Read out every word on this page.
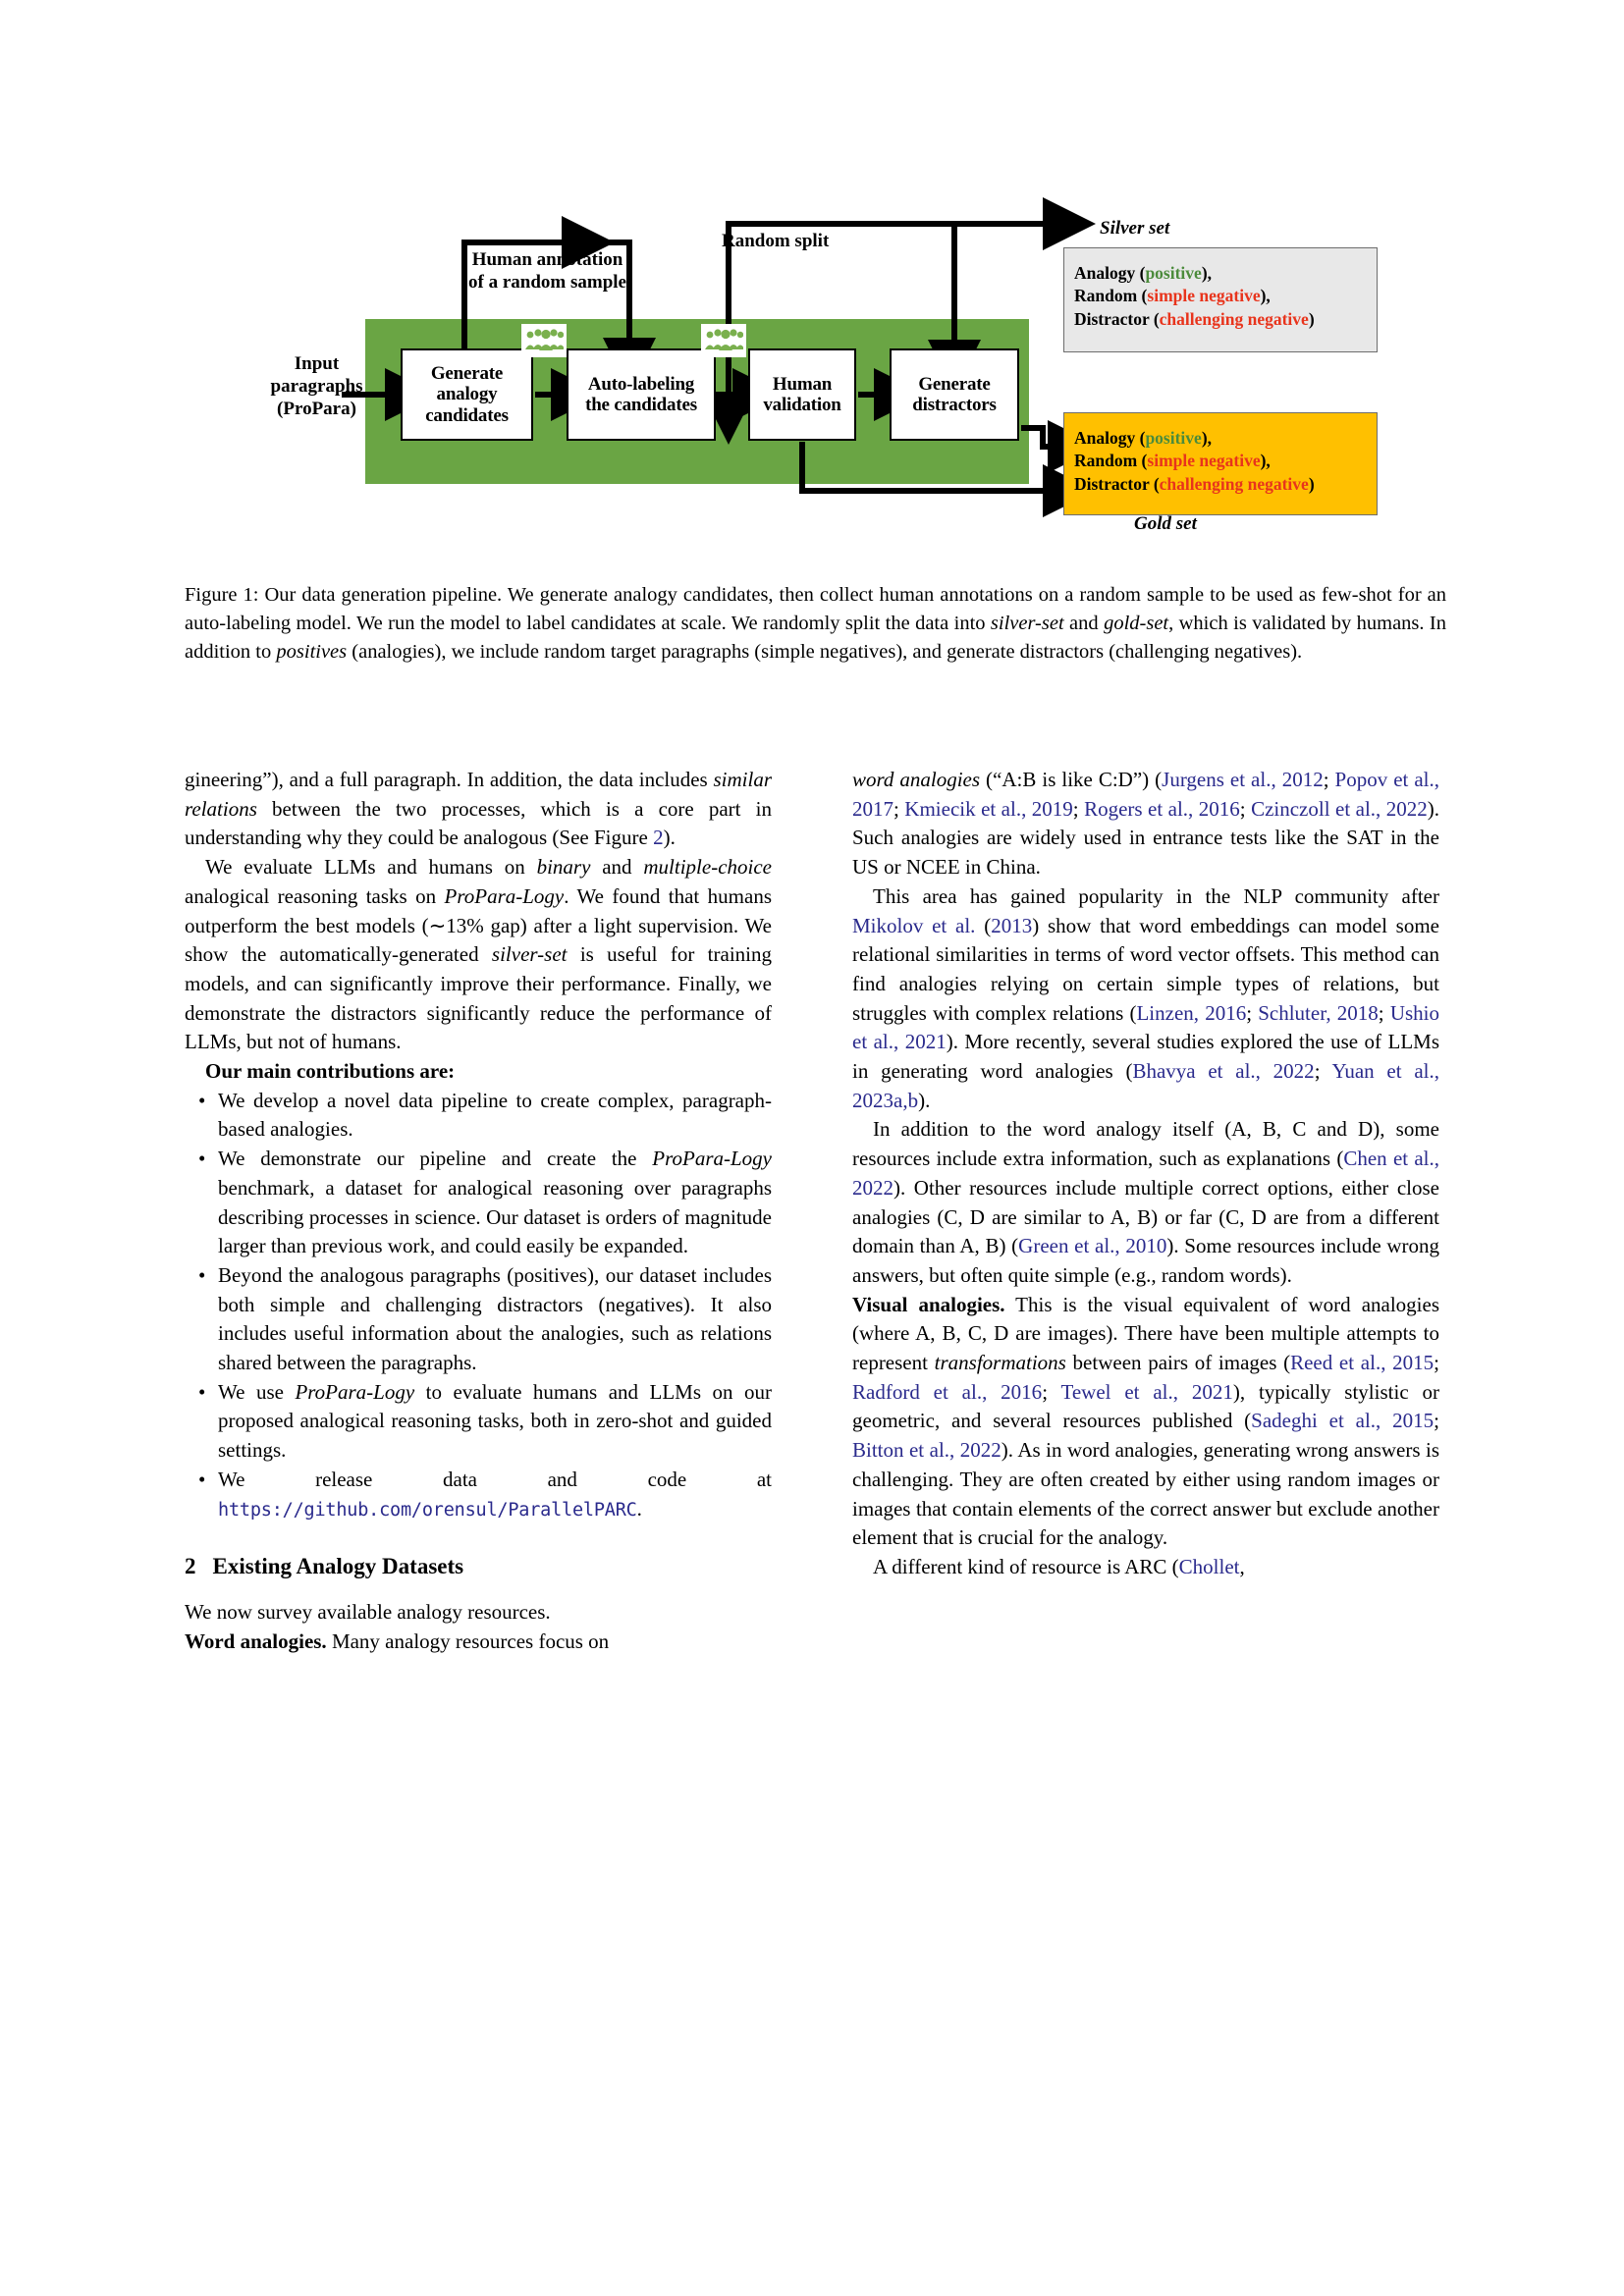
Input
paragraphs
(ProPara)
Generate
analogy
candidates
Auto-labeling
the candidates
Human
validation
Generate
distractors
Human annotation
of a random sample
Random split
Silver set
Analogy (positive),
Random (simple negative),
Distractor (challenging negative)
Analogy (positive),
Random (simple negative),
Distractor (challenging negative)
Gold set
Figure 1: Our data generation pipeline. We generate analogy candidates, then collect human annotations on a random sample to be used as few-shot for an auto-labeling model. We run the model to label candidates at scale. We randomly split the data into silver-set and gold-set, which is validated by humans. In addition to positives (analogies), we include random target paragraphs (simple negatives), and generate distractors (challenging negatives).

gineering”), and a full paragraph. In addition, the data includes similar relations between the two processes, which is a core part in understanding why they could be analogous (See Figure 2).

We evaluate LLMs and humans on binary and multiple-choice analogical reasoning tasks on ProPara-Logy. We found that humans outperform the best models (∼13% gap) after a light supervision. We show the automatically-generated silver-set is useful for training models, and can significantly improve their performance. Finally, we demonstrate the distractors significantly reduce the performance of LLMs, but not of humans.

Our main contributions are:

• We develop a novel data pipeline to create complex, paragraph-based analogies.
• We demonstrate our pipeline and create the ProPara-Logy benchmark, a dataset for analogical reasoning over paragraphs describing processes in science. Our dataset is orders of magnitude larger than previous work, and could easily be expanded.
• Beyond the analogous paragraphs (positives), our dataset includes both simple and challenging distractors (negatives). It also includes useful information about the analogies, such as relations shared between the paragraphs.
• We use ProPara-Logy to evaluate humans and LLMs on our proposed analogical reasoning tasks, both in zero-shot and guided settings.
• We release data and code at https://github.com/orensul/ParallelPARC.
2 Existing Analogy Datasets

We now survey available analogy resources.

Word analogies. Many analogy resources focus on

word analogies (“A:B is like C:D”) (Jurgens et al., 2012; Popov et al., 2017; Kmiecik et al., 2019; Rogers et al., 2016; Czinczoll et al., 2022). Such analogies are widely used in entrance tests like the SAT in the US or NCEE in China.

This area has gained popularity in the NLP community after Mikolov et al. (2013) show that word embeddings can model some relational similarities in terms of word vector offsets. This method can find analogies relying on certain simple types of relations, but struggles with complex relations (Linzen, 2016; Schluter, 2018; Ushio et al., 2021). More recently, several studies explored the use of LLMs in generating word analogies (Bhavya et al., 2022; Yuan et al., 2023a,b).

In addition to the word analogy itself (A, B, C and D), some resources include extra information, such as explanations (Chen et al., 2022). Other resources include multiple correct options, either close analogies (C, D are similar to A, B) or far (C, D are from a different domain than A, B) (Green et al., 2010). Some resources include wrong answers, but often quite simple (e.g., random words).

Visual analogies. This is the visual equivalent of word analogies (where A, B, C, D are images). There have been multiple attempts to represent transformations between pairs of images (Reed et al., 2015; Radford et al., 2016; Tewel et al., 2021), typically stylistic or geometric, and several resources published (Sadeghi et al., 2015; Bitton et al., 2022). As in word analogies, generating wrong answers is challenging. They are often created by either using random images or images that contain elements of the correct answer but exclude another element that is crucial for the analogy.

A different kind of resource is ARC (Chollet,
